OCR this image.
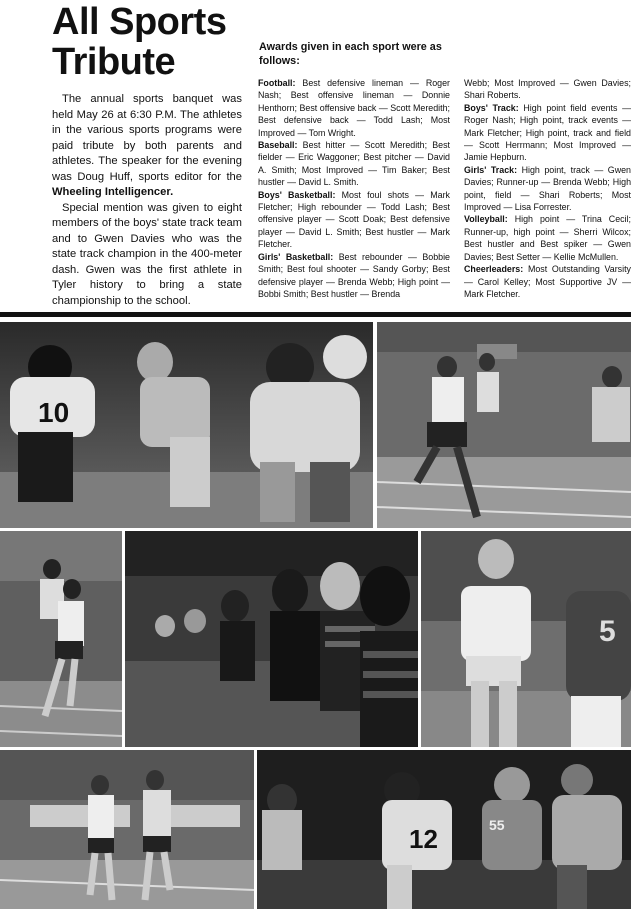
All Sports
Tribute

The annual sports banquet was held May 26 at 6:30 P.M. The athletes in the various sports programs were paid tribute by both parents and athletes. The speaker for the evening was Doug Huff, sports editor for the Wheeling Intelligencer.

Special mention was given to eight members of the boys' state track team and to Gwen Davies who was the state track champion in the 400-meter dash. Gwen was the first athlete in Tyler history to bring a state championship to the school.

Awards given in each sport were as follows:

Football: Best defensive lineman — Roger Nash; Best offensive lineman — Donnie Henthorn; Best offensive back — Scott Meredith; Best defensive back — Todd Lash; Most Improved — Tom Wright.

Baseball: Best hitter — Scott Meredith; Best fielder — Eric Waggoner; Best pitcher — David A. Smith; Most Improved — Tim Baker; Best hustler — David L. Smith.

Boys' Basketball: Most foul shots — Mark Fletcher; High rebounder — Todd Lash; Best offensive player — Scott Doak; Best defensive player — David L. Smith; Best hustler — Mark Fletcher.

Girls' Basketball: Best rebounder — Bobbie Smith; Best foul shooter — Sandy Gorby; Best defensive player — Brenda Webb; High point — Bobbi Smith; Best hustler — Brenda

Webb; Most Improved — Gwen Davies; Shari Roberts.

Boys' Track: High point field events — Roger Nash; High point, track events — Mark Fletcher; High point, track and field — Scott Herrmann; Most Improved — Jamie Hepburn.

Girls' Track: High point, track — Gwen Davies; Runner-up — Brenda Webb; High point, field — Shari Roberts; Most Improved — Lisa Forrester.

Volleyball: High point — Trina Cecil; Runner-up, high point — Sherri Wilcox; Best hustler and Best spiker — Gwen Davies; Best Setter — Kellie McMullen.

Cheerleaders: Most Outstanding Varsity — Carol Kelley; Most Supportive JV — Mark Fletcher.

10
5
12	55
